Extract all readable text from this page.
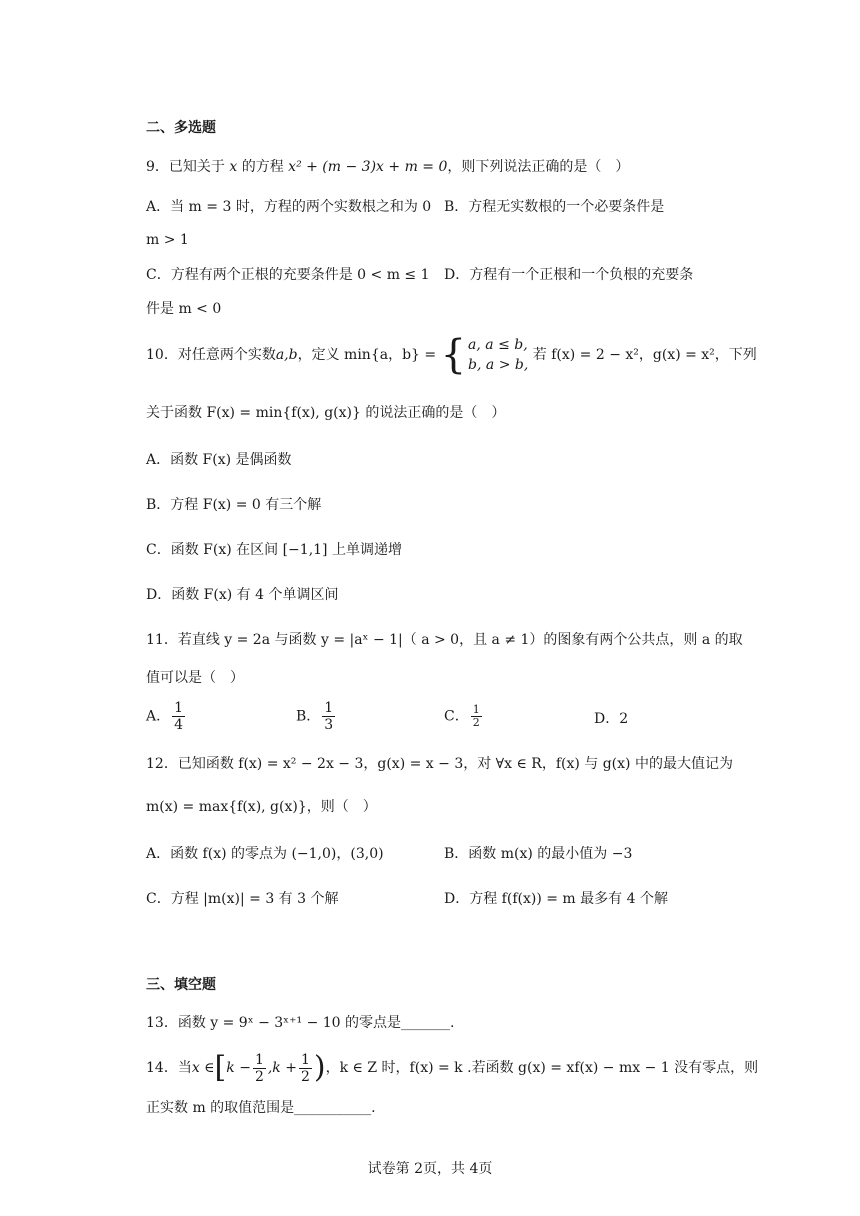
二、多选题
9．已知关于 x 的方程 x² + (m − 3)x + m = 0，则下列说法正确的是（　）
A．当 m = 3 时，方程的两个实数根之和为 0 B．方程无实数根的一个必要条件是
m > 1
C．方程有两个正根的充要条件是 0 < m ≤ 1 D．方程有一个正根和一个负根的充要条
件是 m < 0
10．对任意两个实数a,b，定义 min{a，b} = { a, a ≤ b,
b, a > b,
若 f(x) = 2 − x²，g(x) = x²，下列
关于函数 F(x) = min{f(x), g(x)} 的说法正确的是（　）
A．函数 F(x) 是偶函数
B．方程 F(x) = 0 有三个解
C．函数 F(x) 在区间 [−1,1] 上单调递增
D．函数 F(x) 有 4 个单调区间
11．若直线 y = 2a 与函数 y = |aˣ − 1|（ a > 0，且 a ≠ 1）的图象有两个公共点，则 a 的取
值可以是（　）
A． $\frac{1}{4}$	B． $\frac{1}{3}$	C． $\frac{1}{2}$	D．2
12．已知函数 f(x) = x² − 2x − 3，g(x) = x − 3，对 ∀x ∈ R，f(x) 与 g(x) 中的最大值记为
m(x) = max{f(x), g(x)}，则（　）
A．函数 f(x) 的零点为 (−1,0)，(3,0)	B．函数 m(x) 的最小值为 −3
C．方程 |m(x)| = 3 有 3 个解	D．方程 f(f(x)) = m 最多有 4 个解
三、填空题
13．函数 y = 9ˣ − 3ˣ⁺¹ − 10 的零点是_______.
14．当x ∈[k − $\frac{1}{2} ,k + \frac{1}{2}$ )，k ∈ Z 时，f(x) = k .若函数 g(x) = xf(x) − mx − 1 没有零点，则
正实数 m 的取值范围是___________.
试卷第 2页，共 4页
